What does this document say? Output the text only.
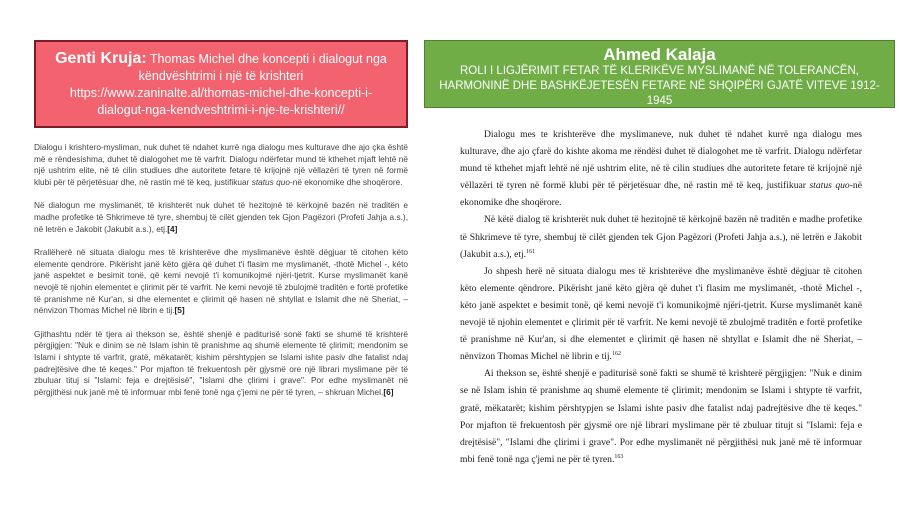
Genti Kruja: Thomas Michel dhe koncepti i dialogut nga
këndvështrimi i një të krishteri
https://www.zaninalte.al/thomas-michel-dhe-koncepti-i-
dialogut-nga-kendveshtrimi-i-nje-te-krishteri//
Ahmed Kalaja
ROLI I LIGJËRIMIT FETAR TË KLERIKËVE MYSLIMANË NË TOLERANCËN,
HARMONINË DHE BASHKËJETESËN FETARE NË SHQIPËRI GJATË VITEVE 1912-1945

Dialogu i krishtero-mysliman, nuk duhet të ndahet kurrë nga dialogu mes kulturave dhe ajo çka është më e rëndesishma, duhet të dialogohet me të varfrit. Dialogu ndërfetar mund të kthehet mjaft lehtë në një ushtrim elite, në të cilin studiues dhe autoritete fetare të krijojnë një vëllazëri të tyren në formë klubi për të përjetësuar dhe, në rastin më të keq, justifikuar status quo-në ekonomike dhe shoqërore.

Në dialogun me myslimanët, të krishterët nuk duhet të hezitojnë të kërkojnë bazën në traditën e madhe profetike të Shkrimeve të tyre, shembuj të cilët gjenden tek Gjon Pagëzori (Profeti Jahja a.s.), në letrën e Jakobit (Jakubit a.s.), etj.[4]

Rrallëherë në situata dialogu mes të krishterëve dhe myslimanëve është dëgjuar të citohen këto elemente qendrore. Pikërisht janë këto gjëra që duhet t'i flasim me myslimanët, -thotë Michel -, këto janë aspektet e besimit tonë, që kemi nevojë t'i komunikojmë njëri-tjetrit. Kurse myslimanët kanë nevojë të njohin elementet e çlirimit për të varfrit. Ne kemi nevojë të zbulojmë traditën e fortë profetike të pranishme në Kur'an, si dhe elementet e çlirimit që hasen në shtyllat e Islamit dhe në Sheriat, – nënvizon Thomas Michel në librin e tij.[5]

Gjithashtu ndër të tjera ai thekson se, është shenjë e paditurisë sonë fakti se shumë të krishterë përgjigjen: "Nuk e dinim se në Islam ishin të pranishme aq shumë elemente të çlirimit; mendonim se Islami i shtypte të varfrit, gratë, mëkatarët; kishim përshtypjen se Islami ishte pasiv dhe fatalist ndaj padrejtësive dhe të keqes." Por mjafton të frekuentosh për gjysmë ore një librari myslimane për të zbuluar tituj si "Islami: feja e drejtësisë", "Islami dhe çlirimi i grave". Por edhe myslimanët në përgjithësi nuk janë më të informuar mbi fenë tonë nga ç'jemi ne për të tyren, – shkruan Michel.[6]

Dialogu mes te krishterëve dhe myslimaneve, nuk duhet të ndahet kurrë nga dialogu mes kulturave, dhe ajo çfarë do kishte akoma me rëndësi duhet të dialogohet me të varfrit. Dialogu ndërfetar mund të kthehet mjaft lehtë në një ushtrim elite, në të cilin studiues dhe autoritete fetare të krijojnë një vëllazëri të tyren në formë klubi për të përjetësuar dhe, në rastin më të keq, justifikuar status quo-në ekonomike dhe shoqërore.

Në këtë dialog të krishterët nuk duhet të hezitojnë të kërkojnë bazën në traditën e madhe profetike të Shkrimeve të tyre, shembuj të cilët gjenden tek Gjon Pagëzori (Profeti Jahja a.s.), në letrën e Jakobit (Jakubit a.s.), etj.$^{161}$

Jo shpesh herë në situata dialogu mes të krishterëve dhe myslimanëve është dëgjuar të citohen këto elemente qëndrore. Pikërisht janë këto gjëra që duhet t'i flasim me myslimanët, -thotë Michel -, këto janë aspektet e besimit tonë, që kemi nevojë t'i komunikojmë njëri-tjetrit. Kurse myslimanët kanë nevojë të njohin elementet e çlirimit për të varfrit. Ne kemi nevojë të zbulojmë traditën e fortë profetike të pranishme në Kur'an, si dhe elementet e çlirimit që hasen në shtyllat e Islamit dhe në Sheriat, – nënvizon Thomas Michel në librin e tij.$^{162}$

Ai thekson se, është shenjë e paditurisë sonë fakti se shumë të krishterë përgjigjen: "Nuk e dinim se në Islam ishin të pranishme aq shumë elemente të çlirimit; mendonim se Islami i shtypte të varfrit, gratë, mëkatarët; kishim përshtypjen se Islami ishte pasiv dhe fatalist ndaj padrejtësive dhe të keqes." Por mjafton të frekuentosh për gjysmë ore një librari myslimane për të zbuluar titujt si "Islami: feja e drejtësisë", "Islami dhe çlirimi i grave". Por edhe myslimanët në përgjithësi nuk janë më të informuar mbi fenë tonë nga ç'jemi ne për të tyren.$^{163}$
